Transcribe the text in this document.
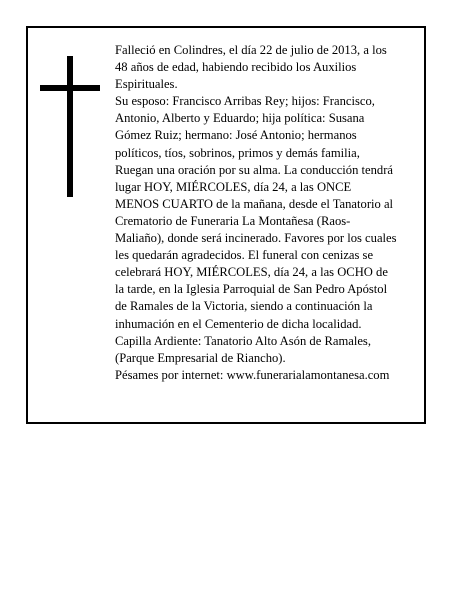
Falleció en Colindres, el día 22 de julio de 2013, a los

48 años de edad, habiendo recibido los Auxilios

Espirituales.

Su esposo: Francisco Arribas Rey; hijos: Francisco,

Antonio, Alberto y Eduardo; hija política: Susana

Gómez Ruiz; hermano: José Antonio; hermanos

políticos, tíos, sobrinos, primos y demás familia,

Ruegan una oración por su alma. La conducción tendrá

lugar HOY, MIÉRCOLES, día 24, a las ONCE

MENOS CUARTO de la mañana, desde el Tanatorio al

Crematorio de Funeraria La Montañesa (Raos-

Maliaño), donde será incinerado. Favores por los cuales

les quedarán agradecidos. El funeral con cenizas se

celebrará HOY, MIÉRCOLES, día 24, a las OCHO de

la tarde, en la Iglesia Parroquial de San Pedro Apóstol

de Ramales de la Victoria, siendo a continuación la

inhumación en el Cementerio de dicha localidad.

Capilla Ardiente: Tanatorio Alto Asón de Ramales,

(Parque Empresarial de Riancho).

Pésames por internet: www.funerarialamontanesa.com
